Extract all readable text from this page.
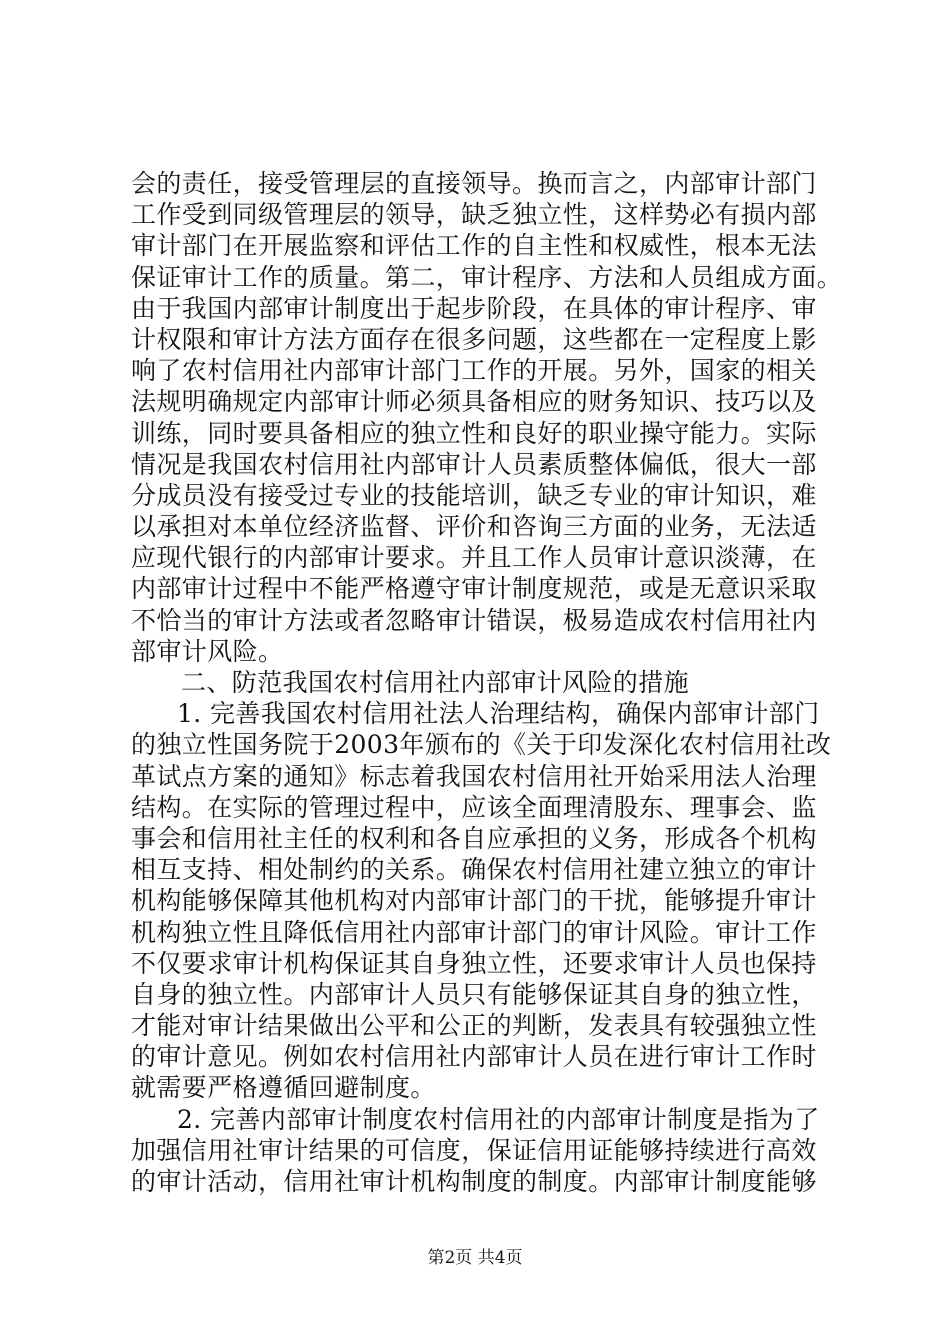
会的责任，接受管理层的直接领导。换而言之，内部审计部门
工作受到同级管理层的领导，缺乏独立性，这样势必有损内部
审计部门在开展监察和评估工作的自主性和权威性，根本无法
保证审计工作的质量。第二，审计程序、方法和人员组成方面。
由于我国内部审计制度出于起步阶段，在具体的审计程序、审
计权限和审计方法方面存在很多问题，这些都在一定程度上影
响了农村信用社内部审计部门工作的开展。另外，国家的相关
法规明确规定内部审计师必须具备相应的财务知识、技巧以及
训练，同时要具备相应的独立性和良好的职业操守能力。实际
情况是我国农村信用社内部审计人员素质整体偏低，很大一部
分成员没有接受过专业的技能培训，缺乏专业的审计知识，难
以承担对本单位经济监督、评价和咨询三方面的业务，无法适
应现代银行的内部审计要求。并且工作人员审计意识淡薄，在
内部审计过程中不能严格遵守审计制度规范，或是无意识采取
不恰当的审计方法或者忽略审计错误，极易造成农村信用社内
部审计风险。
二、防范我国农村信用社内部审计风险的措施
1. 完善我国农村信用社法人治理结构，确保内部审计部门
的独立性国务院于2003年颁布的《关于印发深化农村信用社改
革试点方案的通知》标志着我国农村信用社开始采用法人治理
结构。在实际的管理过程中，应该全面理清股东、理事会、监
事会和信用社主任的权利和各自应承担的义务，形成各个机构
相互支持、相处制约的关系。确保农村信用社建立独立的审计
机构能够保障其他机构对内部审计部门的干扰，能够提升审计
机构独立性且降低信用社内部审计部门的审计风险。审计工作
不仅要求审计机构保证其自身独立性，还要求审计人员也保持
自身的独立性。内部审计人员只有能够保证其自身的独立性，
才能对审计结果做出公平和公正的判断，发表具有较强独立性
的审计意见。例如农村信用社内部审计人员在进行审计工作时
就需要严格遵循回避制度。
2. 完善内部审计制度农村信用社的内部审计制度是指为了
加强信用社审计结果的可信度，保证信用证能够持续进行高效
的审计活动，信用社审计机构制度的制度。内部审计制度能够
第2页 共4页
